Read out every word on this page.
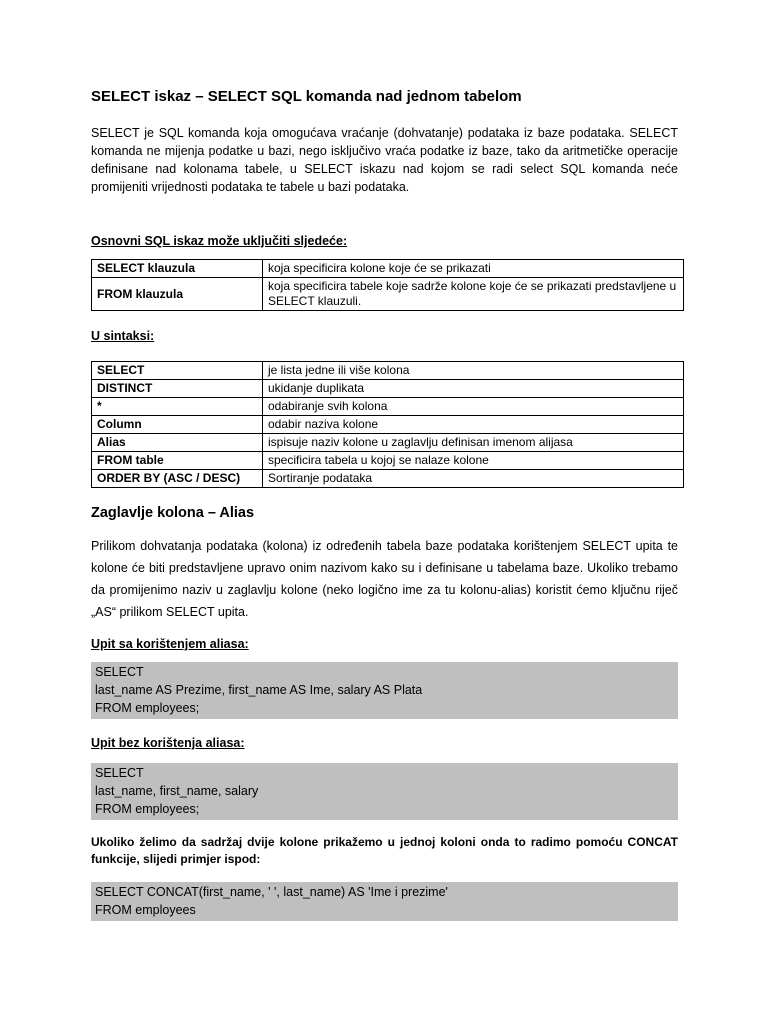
SELECT iskaz – SELECT SQL komanda nad jednom tabelom

SELECT je SQL komanda koja omogućava vraćanje (dohvatanje) podataka iz baze podataka. SELECT komanda ne mijenja podatke u bazi, nego isključivo vraća podatke iz baze, tako da aritmetičke operacije definisane nad kolonama tabele, u SELECT iskazu nad kojom se radi select SQL komanda neće promijeniti vrijednosti podataka te tabele u bazi podataka.

Osnovni SQL iskaz može uključiti sljedeće:

SELECT klauzula	koja specificira kolone koje će se prikazati
FROM klauzula	koja specificira tabele koje sadrže kolone koje će se prikazati predstavljene u SELECT klauzuli.

U sintaksi:

SELECT	je lista jedne ili više kolona
DISTINCT	ukidanje duplikata
*	odabiranje svih kolona
Column	odabir naziva kolone
Alias	ispisuje naziv kolone u zaglavlju definisan imenom alijasa
FROM table	specificira tabela u kojoj se nalaze kolone
ORDER BY (ASC / DESC)	Sortiranje podataka
Zaglavlje kolona – Alias

Prilikom dohvatanja podataka (kolona) iz određenih tabela baze podataka korištenjem SELECT upita te kolone će biti predstavljene upravo onim nazivom kako su i definisane u tabelama baze. Ukoliko trebamo da promijenimo naziv u zaglavlju kolone (neko logično ime za tu kolonu-alias) koristit ćemo ključnu riječ „AS“ prilikom SELECT upita.

Upit sa korištenjem aliasa:

SELECT
last_name AS Prezime, first_name AS Ime, salary AS Plata
FROM employees;

Upit bez korištenja aliasa:

SELECT
last_name, first_name, salary
FROM employees;

Ukoliko želimo da sadržaj dvije kolone prikažemo u jednoj koloni onda to radimo pomoću CONCAT funkcije, slijedi primjer ispod:

SELECT CONCAT(first_name, ' ', last_name) AS 'Ime i prezime'
FROM employees
